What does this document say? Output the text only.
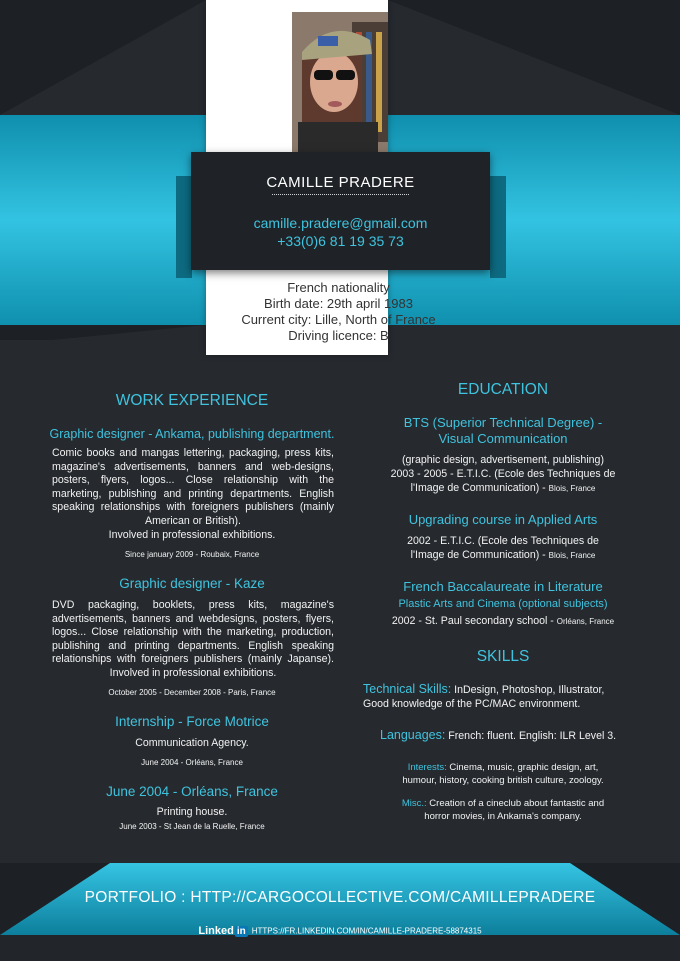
CAMILLE PRADERE
camille.pradere@gmail.com
+33(0)6 81 19 35 73
French nationality
Birth date: 29th april 1983
Current city: Lille, North of France
Driving licence: B
WORK EXPERIENCE
Graphic designer - Ankama, publishing department.
Comic books and mangas lettering, packaging, press kits, magazine's advertisements, banners and web-designs, posters, flyers, logos... Close relationship with the marketing, publishing and printing departments. English speaking relationships with foreigners publishers (mainly American or British).
Involved in professional exhibitions.
Since january 2009 - Roubaix, France
Graphic designer - Kaze
DVD packaging, booklets, press kits, magazine's advertisements, banners and webdesigns, posters, flyers, logos... Close relationship with the marketing, production, publishing and printing departments. English speaking relationships with foreigners publishers (mainly Japanse). Involved in professional exhibitions.
October 2005 - December 2008 - Paris, France
Internship - Force Motrice
Communication Agency.
June 2004 - Orléans, France
June 2004 - Orléans, France
Printing house.
June 2003 - St Jean de la Ruelle, France
EDUCATION
BTS (Superior Technical Degree) -
Visual Communication
(graphic design, advertisement, publishing)
2003 - 2005 - E.T.I.C. (Ecole des Techniques de
l'Image de Communication) - Blois, France
Upgrading course in Applied Arts
2002 - E.T.I.C. (Ecole des Techniques de
l'Image de Communication) - Blois, France
French Baccalaureate in Literature
Plastic Arts and Cinema (optional subjects)
2002 - St. Paul secondary school - Orléans, France
SKILLS
Technical Skills: InDesign, Photoshop, Illustrator,
Good knowledge of the PC/MAC environment.
Languages: French: fluent. English: ILR Level 3.
Interests: Cinema, music, graphic design, art,
humour, history, cooking british culture, zoology.
Misc.: Creation of a cineclub about fantastic and
horror movies, in Ankama's company.
PORTFOLIO : HTTP://CARGOCOLLECTIVE.COM/CAMILLEPRADERE
Linked in HTTPS://FR.LINKEDIN.COM/IN/CAMILLE-PRADERE-58874315
